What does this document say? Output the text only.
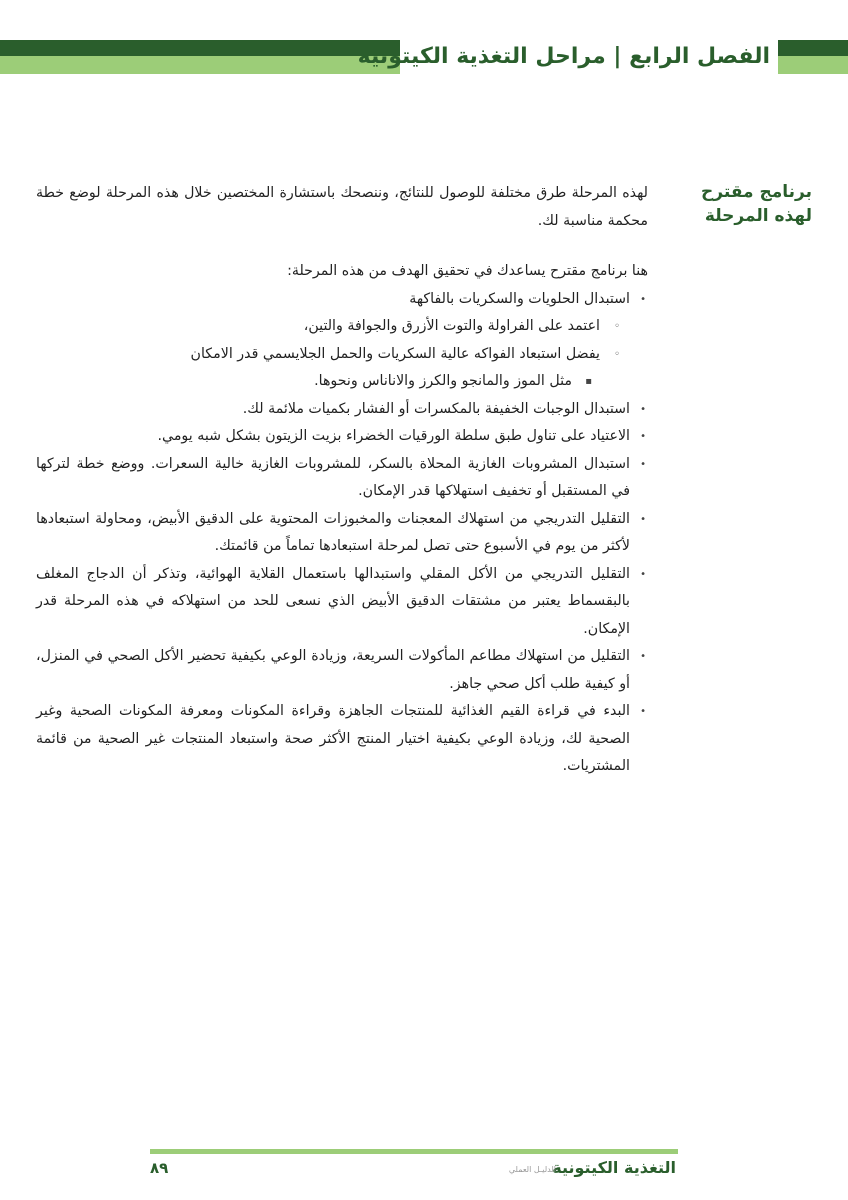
الفصل الرابع | مراحل التغذية الكيتونية
برنامج مقترح
لهذه المرحلة

لهذه المرحلة طرق مختلفة للوصول للنتائج، وننصحك باستشارة المختصين خلال هذه المرحلة لوضع خطة محكمة مناسبة لك.

هنا برنامج مقترح يساعدك في تحقيق الهدف من هذه المرحلة:

•
استبدال الحلويات والسكريات بالفاكهة
◦
اعتمد على الفراولة والتوت الأزرق والجوافة والتين،
◦
يفضل استبعاد الفواكه عالية السكريات والحمل الجلايسمي قدر الامكان
▪
مثل الموز والمانجو والكرز والاناناس ونحوها.
•
استبدال الوجبات الخفيفة بالمكسرات أو الفشار بكميات ملائمة لك.
•
الاعتياد على تناول طبق سلطة الورقيات الخضراء بزيت الزيتون بشكل شبه يومي.
•
استبدال المشروبات الغازية المحلاة بالسكر، للمشروبات الغازية خالية السعرات. ووضع خطة لتركها في المستقبل أو تخفيف استهلاكها قدر الإمكان.
•
التقليل التدريجي من استهلاك المعجنات والمخبوزات المحتوية على الدقيق الأبيض، ومحاولة استبعادها لأكثر من يوم في الأسبوع حتى تصل لمرحلة استبعادها تماماً من قائمتك.
•
التقليل التدريجي من الأكل المقلي واستبدالها باستعمال القلاية الهوائية، وتذكر أن الدجاج المغلف بالبقسماط يعتبر من مشتقات الدقيق الأبيض الذي نسعى للحد من استهلاكه في هذه المرحلة قدر الإمكان.
•
التقليل من استهلاك مطاعم المأكولات السريعة، وزيادة الوعي بكيفية تحضير الأكل الصحي في المنزل، أو كيفية طلب أكل صحي جاهز.
•
البدء في قراءة القيم الغذائية للمنتجات الجاهزة وقراءة المكونات ومعرفة المكونات الصحية وغير الصحية لك، وزيادة الوعي بكيفية اختيار المنتج الأكثر صحة واستبعاد المنتجات غير الصحية من قائمة المشتريات.
التغذية الكيتونية
الدليـل العملي
٨٩
